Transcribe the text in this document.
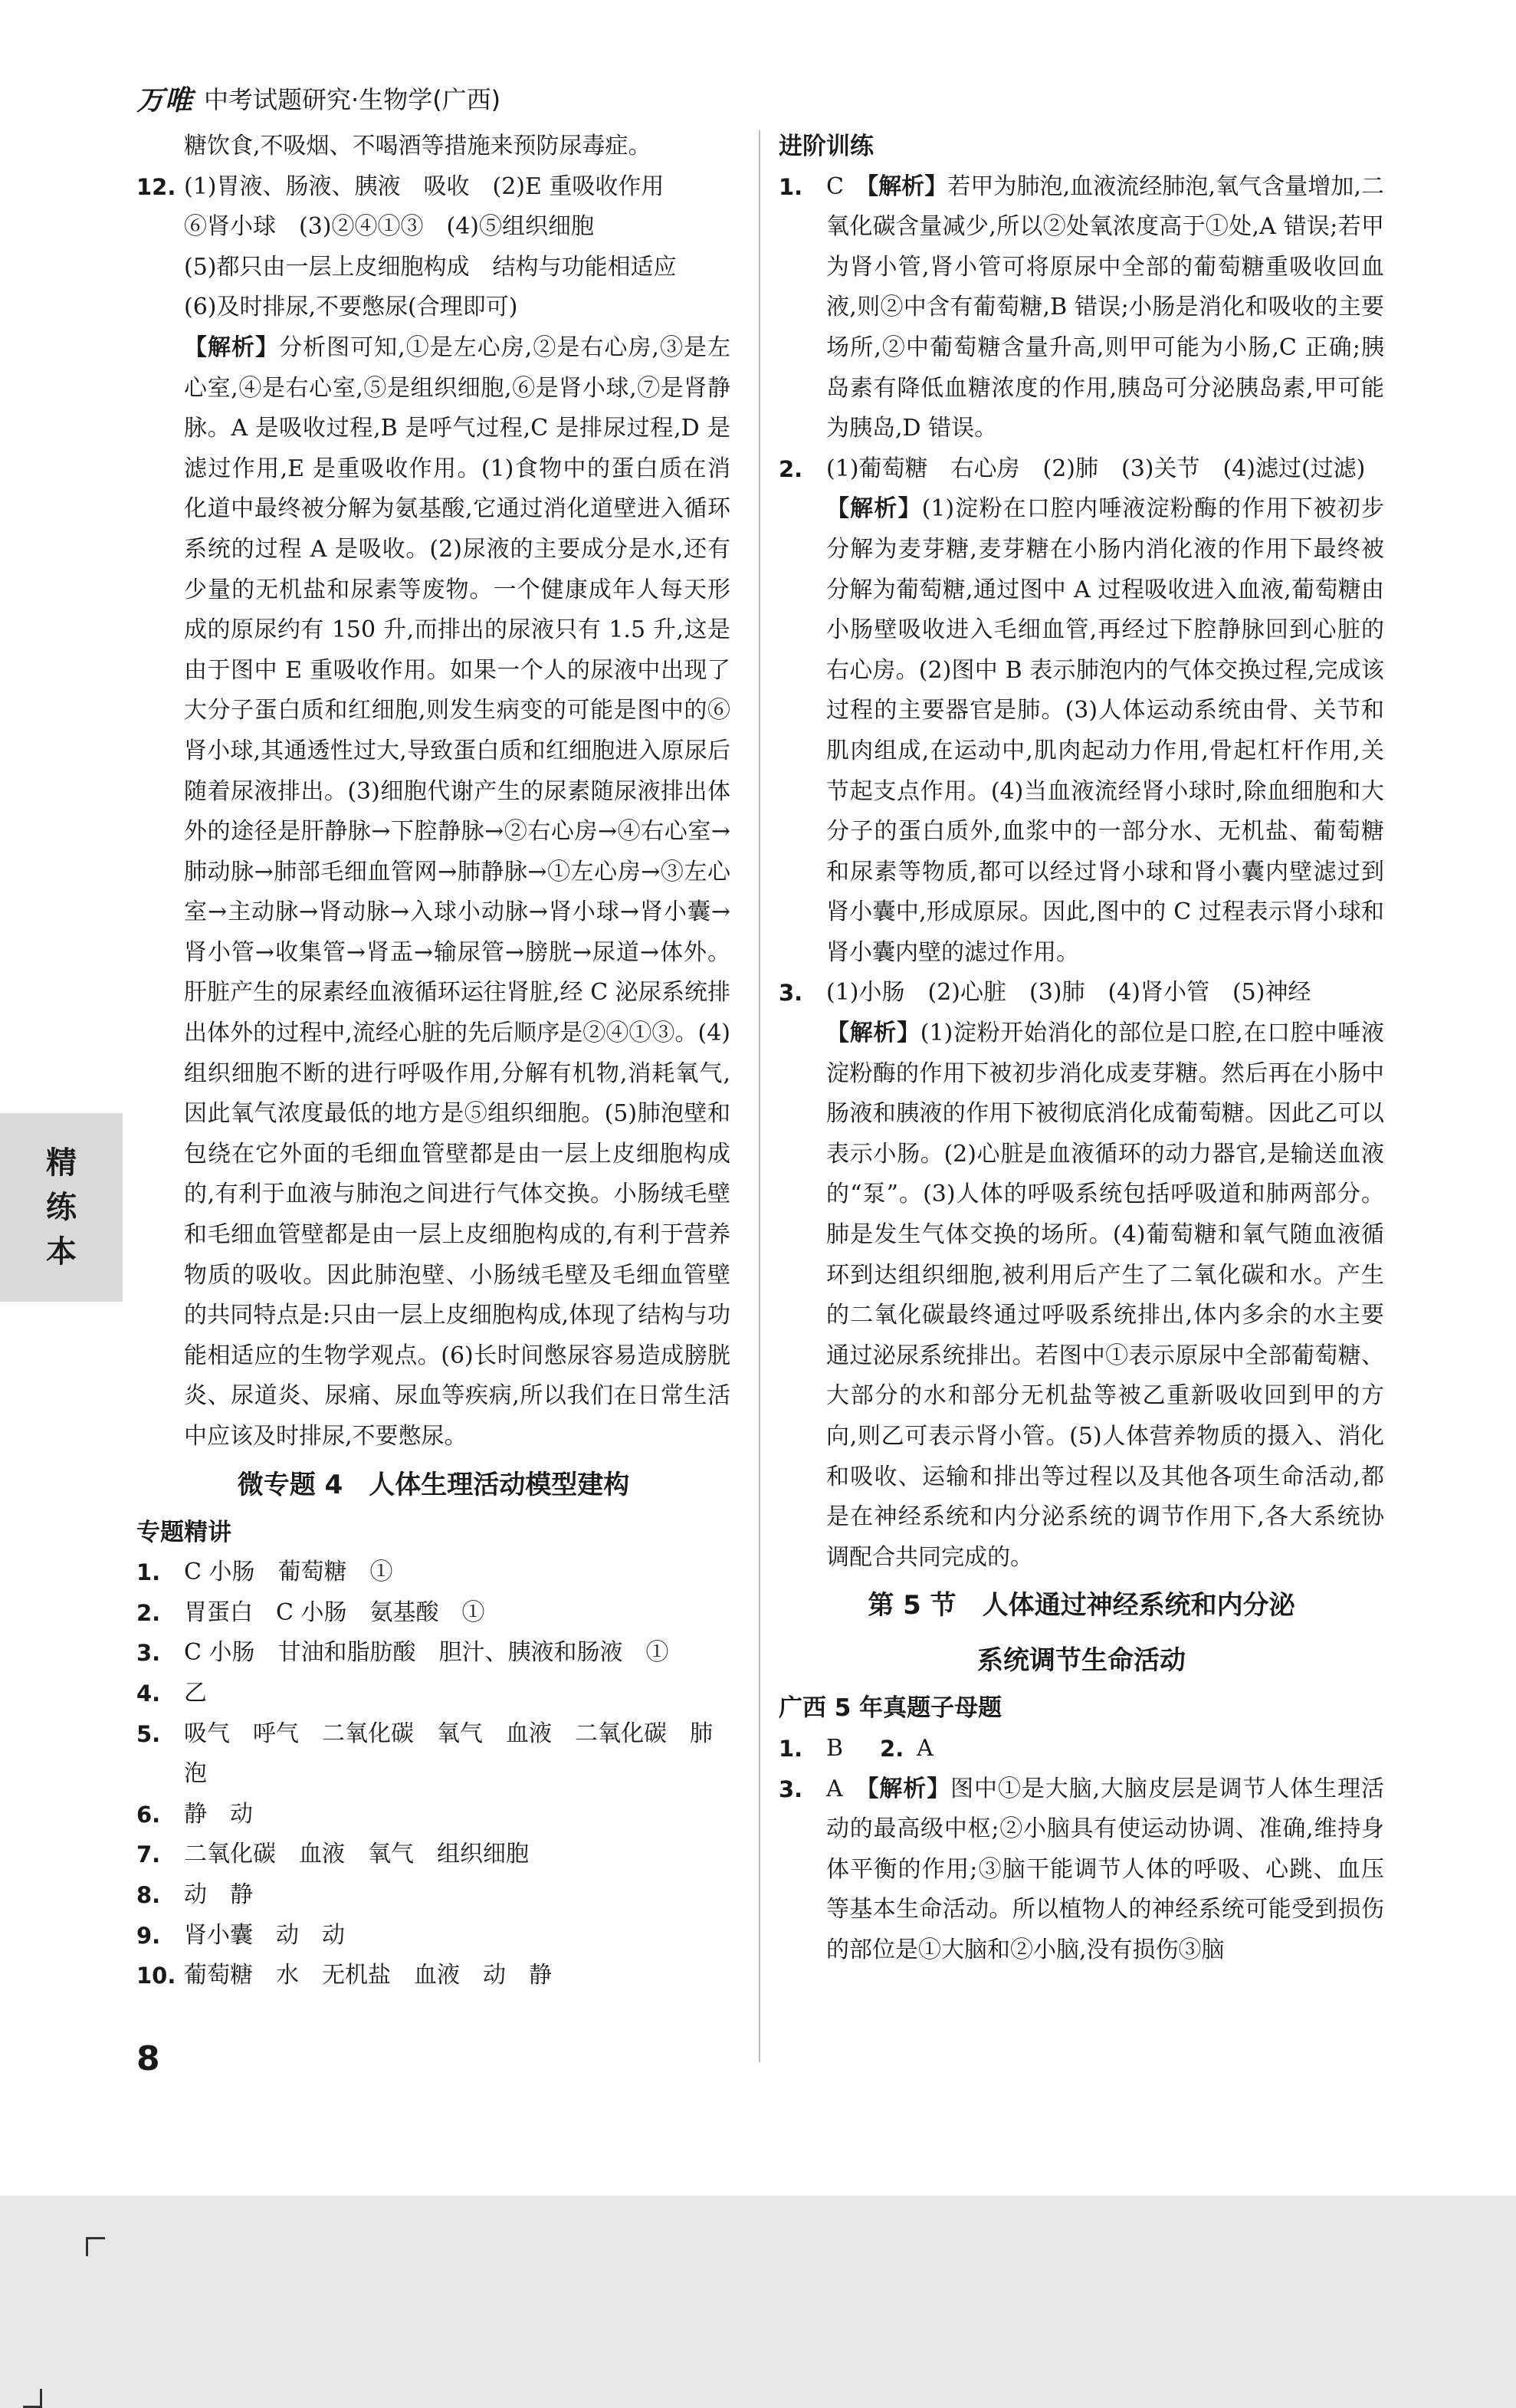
万唯 中考试题研究·生物学(广西)

糖饮食,不吸烟、不喝酒等措施来预防尿毒症。

12. (1)胃液、肠液、胰液　吸收　(2)E 重吸收作用

⑥肾小球　(3)②④①③　(4)⑤组织细胞

(5)都只由一层上皮细胞构成　结构与功能相适应

(6)及时排尿,不要憋尿(合理即可)

【解析】分析图可知,①是左心房,②是右心房,③是左心室,④是右心室,⑤是组织细胞,⑥是肾小球,⑦是肾静脉。A 是吸收过程,B 是呼气过程,C 是排尿过程,D 是滤过作用,E 是重吸收作用。(1)食物中的蛋白质在消化道中最终被分解为氨基酸,它通过消化道壁进入循环系统的过程 A 是吸收。(2)尿液的主要成分是水,还有少量的无机盐和尿素等废物。一个健康成年人每天形成的原尿约有 150 升,而排出的尿液只有 1.5 升,这是由于图中 E 重吸收作用。如果一个人的尿液中出现了大分子蛋白质和红细胞,则发生病变的可能是图中的⑥肾小球,其通透性过大,导致蛋白质和红细胞进入原尿后随着尿液排出。(3)细胞代谢产生的尿素随尿液排出体外的途径是肝静脉→下腔静脉→②右心房→④右心室→肺动脉→肺部毛细血管网→肺静脉→①左心房→③左心室→主动脉→肾动脉→入球小动脉→肾小球→肾小囊→肾小管→收集管→肾盂→输尿管→膀胱→尿道→体外。肝脏产生的尿素经血液循环运往肾脏,经 C 泌尿系统排出体外的过程中,流经心脏的先后顺序是②④①③。(4)组织细胞不断的进行呼吸作用,分解有机物,消耗氧气,因此氧气浓度最低的地方是⑤组织细胞。(5)肺泡壁和包绕在它外面的毛细血管壁都是由一层上皮细胞构成的,有利于血液与肺泡之间进行气体交换。小肠绒毛壁和毛细血管壁都是由一层上皮细胞构成的,有利于营养物质的吸收。因此肺泡壁、小肠绒毛壁及毛细血管壁的共同特点是:只由一层上皮细胞构成,体现了结构与功能相适应的生物学观点。(6)长时间憋尿容易造成膀胱炎、尿道炎、尿痛、尿血等疾病,所以我们在日常生活中应该及时排尿,不要憋尿。

微专题 4　人体生理活动模型建构

专题精讲

1.	C 小肠　葡萄糖　①
2.	胃蛋白　C 小肠　氨基酸　①
3.	C 小肠　甘油和脂肪酸　胆汁、胰液和肠液　①
4.	乙
5.	吸气　呼气　二氧化碳　氧气　血液　二氧化碳　肺泡
6.	静　动
7.	二氧化碳　血液　氧气　组织细胞
8.	动　静
9.	肾小囊　动　动
10. 葡萄糖　水　无机盐　血液　动　静

进阶训练

1.	C　【解析】若甲为肺泡,血液流经肺泡,氧气含量增加,二氧化碳含量减少,所以②处氧浓度高于①处,A 错误;若甲为肾小管,肾小管可将原尿中全部的葡萄糖重吸收回血液,则②中含有葡萄糖,B 错误;小肠是消化和吸收的主要场所,②中葡萄糖含量升高,则甲可能为小肠,C 正确;胰岛素有降低血糖浓度的作用,胰岛可分泌胰岛素,甲可能为胰岛,D 错误。

2.	(1)葡萄糖　右心房　(2)肺　(3)关节　(4)滤过(过滤)

【解析】(1)淀粉在口腔内唾液淀粉酶的作用下被初步分解为麦芽糖,麦芽糖在小肠内消化液的作用下最终被分解为葡萄糖,通过图中 A 过程吸收进入血液,葡萄糖由小肠壁吸收进入毛细血管,再经过下腔静脉回到心脏的右心房。(2)图中 B 表示肺泡内的气体交换过程,完成该过程的主要器官是肺。(3)人体运动系统由骨、关节和肌肉组成,在运动中,肌肉起动力作用,骨起杠杆作用,关节起支点作用。(4)当血液流经肾小球时,除血细胞和大分子的蛋白质外,血浆中的一部分水、无机盐、葡萄糖和尿素等物质,都可以经过肾小球和肾小囊内壁滤过到肾小囊中,形成原尿。因此,图中的 C 过程表示肾小球和肾小囊内壁的滤过作用。

3.	(1)小肠　(2)心脏　(3)肺　(4)肾小管　(5)神经

【解析】(1)淀粉开始消化的部位是口腔,在口腔中唾液淀粉酶的作用下被初步消化成麦芽糖。然后再在小肠中肠液和胰液的作用下被彻底消化成葡萄糖。因此乙可以表示小肠。(2)心脏是血液循环的动力器官,是输送血液的“泵”。(3)人体的呼吸系统包括呼吸道和肺两部分。肺是发生气体交换的场所。(4)葡萄糖和氧气随血液循环到达组织细胞,被利用后产生了二氧化碳和水。产生的二氧化碳最终通过呼吸系统排出,体内多余的水主要通过泌尿系统排出。若图中①表示原尿中全部葡萄糖、大部分的水和部分无机盐等被乙重新吸收回到甲的方向,则乙可表示肾小管。(5)人体营养物质的摄入、消化和吸收、运输和排出等过程以及其他各项生命活动,都是在神经系统和内分泌系统的调节作用下,各大系统协调配合共同完成的。

第 5 节　人体通过神经系统和内分泌
系统调节生命活动

广西 5 年真题子母题

1.	B　 2. A
3.	A　【解析】图中①是大脑,大脑皮层是调节人体生理活动的最高级中枢;②小脑具有使运动协调、准确,维持身体平衡的作用;③脑干能调节人体的呼吸、心跳、血压等基本生命活动。所以植物人的神经系统可能受到损伤的部位是①大脑和②小脑,没有损伤③脑

精练本
8
